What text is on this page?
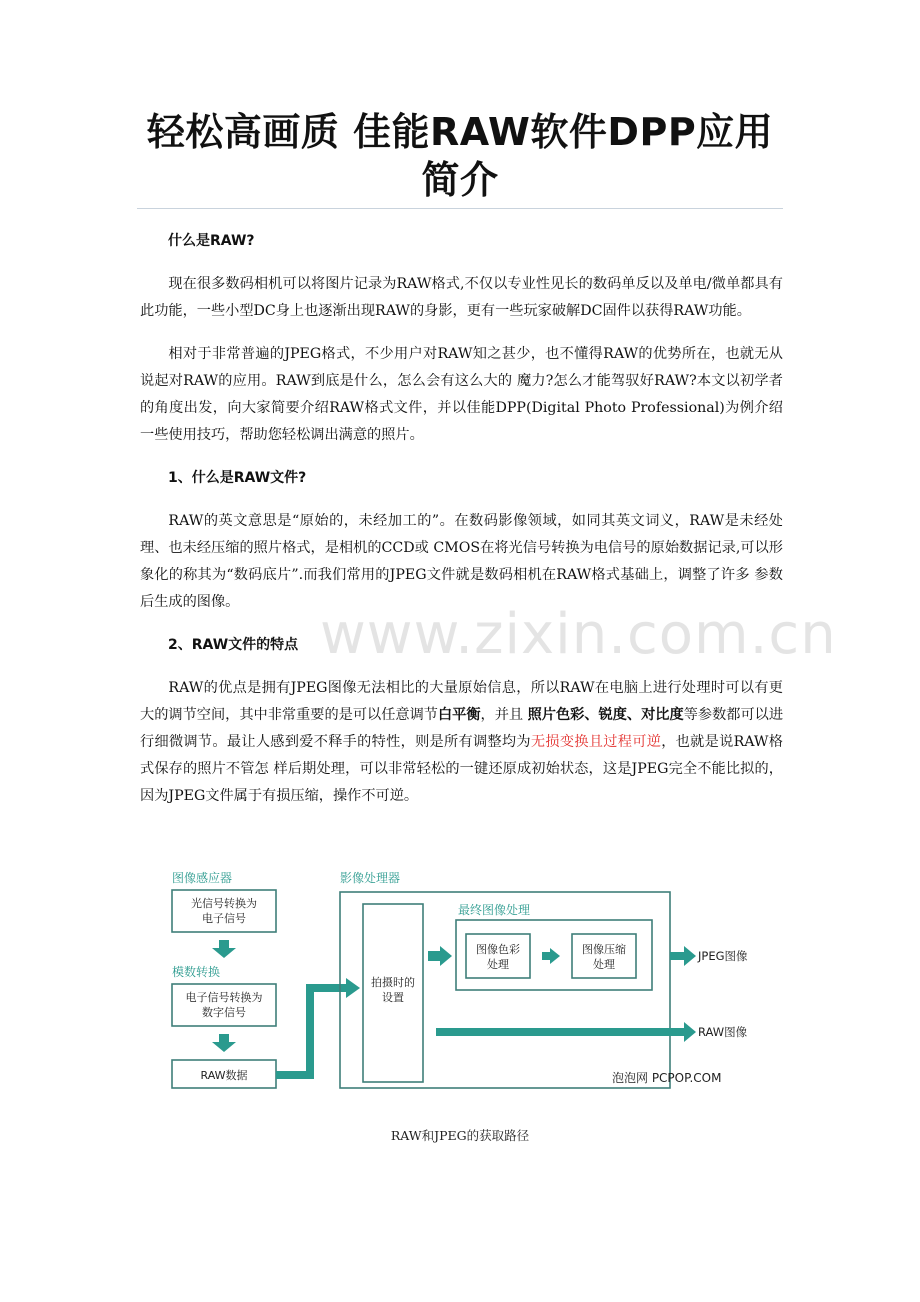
轻松高画质 佳能RAW软件DPP应用
简介

什么是RAW?

现在很多数码相机可以将图片记录为RAW格式,不仅以专业性见长的数码单反以及单电/微单都具有此功能，一些小型DC身上也逐渐出现RAW的身影，更有一些玩家破解DC固件以获得RAW功能。

相对于非常普遍的JPEG格式，不少用户对RAW知之甚少，也不懂得RAW的优势所在，也就无从说起对RAW的应用。RAW到底是什么，怎么会有这么大的 魔力?怎么才能驾驭好RAW?本文以初学者的角度出发，向大家简要介绍RAW格式文件，并以佳能DPP(Digital Photo Professional)为例介绍一些使用技巧，帮助您轻松调出满意的照片。

1、什么是RAW文件?

RAW的英文意思是“原始的，未经加工的”。在数码影像领域，如同其英文词义，RAW是未经处理、也未经压缩的照片格式，是相机的CCD或 CMOS在将光信号转换为电信号的原始数据记录,可以形象化的称其为“数码底片”.而我们常用的JPEG文件就是数码相机在RAW格式基础上，调整了许多 参数后生成的图像。

2、RAW文件的特点

RAW的优点是拥有JPEG图像无法相比的大量原始信息，所以RAW在电脑上进行处理时可以有更大的调节空间，其中非常重要的是可以任意调节白平衡，并且 照片色彩、锐度、对比度等参数都可以进行细微调节。最让人感到爱不释手的特性，则是所有调整均为无损变换且过程可逆，也就是说RAW格式保存的照片不管怎 样后期处理，可以非常轻松的一键还原成初始状态，这是JPEG完全不能比拟的，因为JPEG文件属于有损压缩，操作不可逆。

www.zixin.com.cn
图像感应器
光信号转换为
电子信号
模数转换
电子信号转换为
数字信号
RAW数据
影像处理器
拍摄时的
设置
最终图像处理
图像色彩
处理
图像压缩
处理
JPEG图像
RAW图像
泡泡网 PCPOP.COM
RAW和JPEG的获取路径
